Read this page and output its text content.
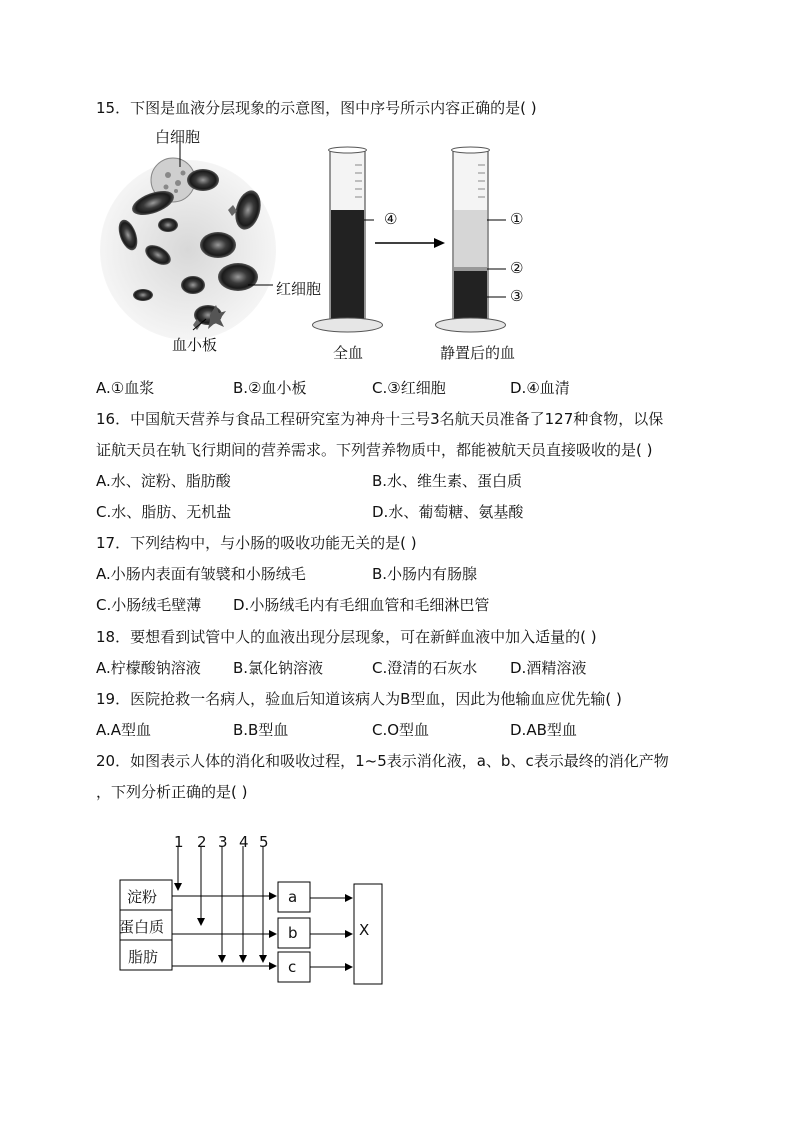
15．下图是血液分层现象的示意图，图中序号所示内容正确的是( )
白细胞
红细胞
血小板
④	①
②
③
全血	静置后的血
A.①血浆	B.②血小板	C.③红细胞	D.④血清
16．中国航天营养与食品工程研究室为神舟十三号3名航天员准备了127种食物，以保
证航天员在轨飞行期间的营养需求。下列营养物质中，都能被航天员直接吸收的是( )
A.水、淀粉、脂肪酸	B.水、维生素、蛋白质
C.水、脂肪、无机盐	D.水、葡萄糖、氨基酸
17．下列结构中，与小肠的吸收功能无关的是( )
A.小肠内表面有皱襞和小肠绒毛	B.小肠内有肠腺
C.小肠绒毛壁薄 D.小肠绒毛内有毛细血管和毛细淋巴管
18．要想看到试管中人的血液出现分层现象，可在新鲜血液中加入适量的( )
A.柠檬酸钠溶液 B.氯化钠溶液	C.澄清的石灰水 D.酒精溶液
19．医院抢救一名病人，验血后知道该病人为B型血，因此为他输血应优先输( )
A.A型血	B.B型血	C.O型血	D.AB型血
20．如图表示人体的消化和吸收过程，1~5表示消化液，a、b、c表示最终的消化产物
，下列分析正确的是( )
1 2 3 4 5
淀粉
蛋白质
脂肪
a
b
c
X
